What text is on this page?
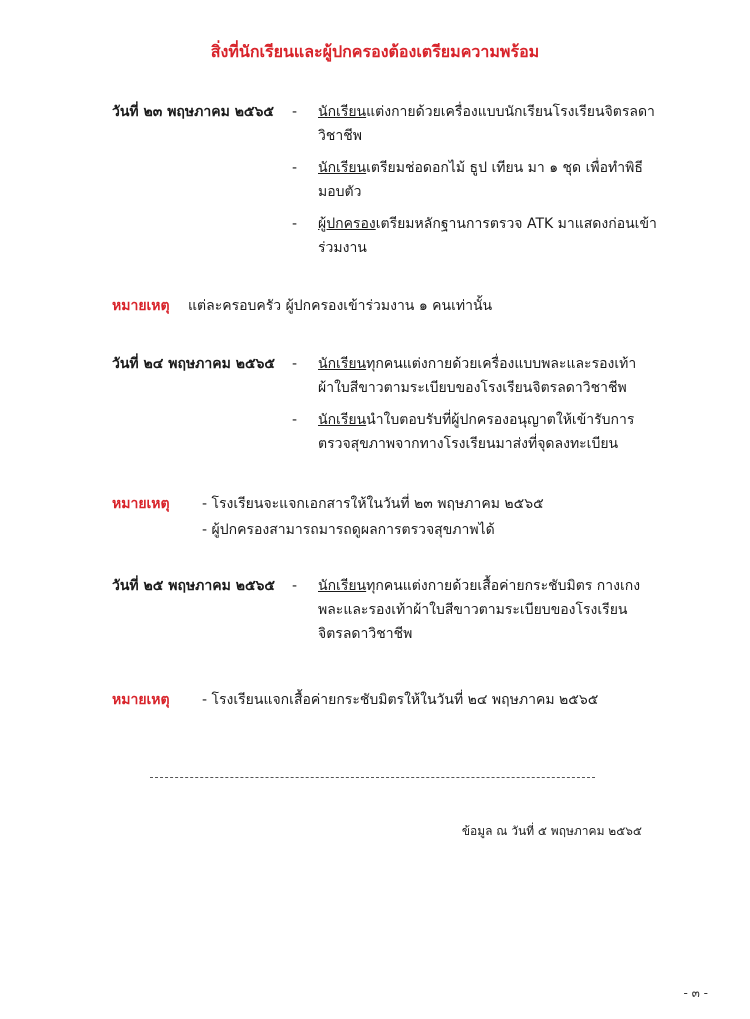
สิ่งที่นักเรียนและผู้ปกครองต้องเตรียมความพร้อม
วันที่ ๒๓ พฤษภาคม ๒๕๖๕ - นักเรียนแต่งกายด้วยเครื่องแบบนักเรียนโรงเรียนจิตรลดาวิชาชีพ
- นักเรียนเตรียมช่อดอกไม้ ธูป เทียน มา ๑ ชุด เพื่อทำพิธีมอบตัว
- ผู้ปกครองเตรียมหลักฐานการตรวจ ATK มาแสดงก่อนเข้าร่วมงาน
หมายเหตุ แต่ละครอบครัว ผู้ปกครองเข้าร่วมงาน ๑ คนเท่านั้น
วันที่ ๒๔ พฤษภาคม ๒๕๖๕ - นักเรียนทุกคนแต่งกายด้วยเครื่องแบบพละและรองเท้าผ้าใบสีขาวตามระเบียบของโรงเรียนจิตรลดาวิชาชีพ
- นักเรียนนำใบตอบรับที่ผู้ปกครองอนุญาตให้เข้ารับการตรวจสุขภาพจากทางโรงเรียนมาส่งที่จุดลงทะเบียน
หมายเหตุ - โรงเรียนจะแจกเอกสารให้ในวันที่ ๒๓ พฤษภาคม ๒๕๖๕
- ผู้ปกครองสามารถมารถดูผลการตรวจสุขภาพได้
วันที่ ๒๕ พฤษภาคม ๒๕๖๕ - นักเรียนทุกคนแต่งกายด้วยเสื้อค่ายกระชับมิตร กางเกงพละและรองเท้าผ้าใบสีขาวตามระเบียบของโรงเรียนจิตรลดาวิชาชีพ
หมายเหตุ - โรงเรียนแจกเสื้อค่ายกระชับมิตรให้ในวันที่ ๒๔ พฤษภาคม ๒๕๖๕
ข้อมูล ณ วันที่ ๕ พฤษภาคม ๒๕๖๕
- ๓ -
